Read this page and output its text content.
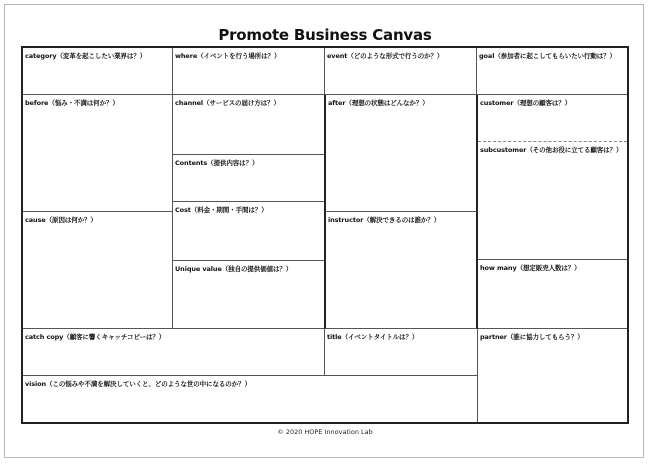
Promote Business Canvas
category（変革を起こしたい業界は？）	where（イベントを行う場所は？）	event（どのような形式で行うのか？）	goal（参加者に起こしてもらいたい行動は？）
before（悩み・不満は何か？）
cause（原因は何か？）
channel（サービスの届け方は？）
Contents（提供内容は？）
Cost（料金・期間・手間は？）
Unique value（独自の提供価値は？）
after（理想の状態はどんなか？）
instructor（解決できるのは誰か？）
customer（理想の顧客は？）
subcustomer（その他お役に立てる顧客は？）
how many（想定販売人数は？）
catch copy（顧客に響くキャッチコピーは？）	title（イベントタイトルは？）	partner（誰に協力してもらう？）
vision（この悩みや不満を解決していくと、どのような世の中になるのか？）
© 2020 HOPE Innovation Lab
